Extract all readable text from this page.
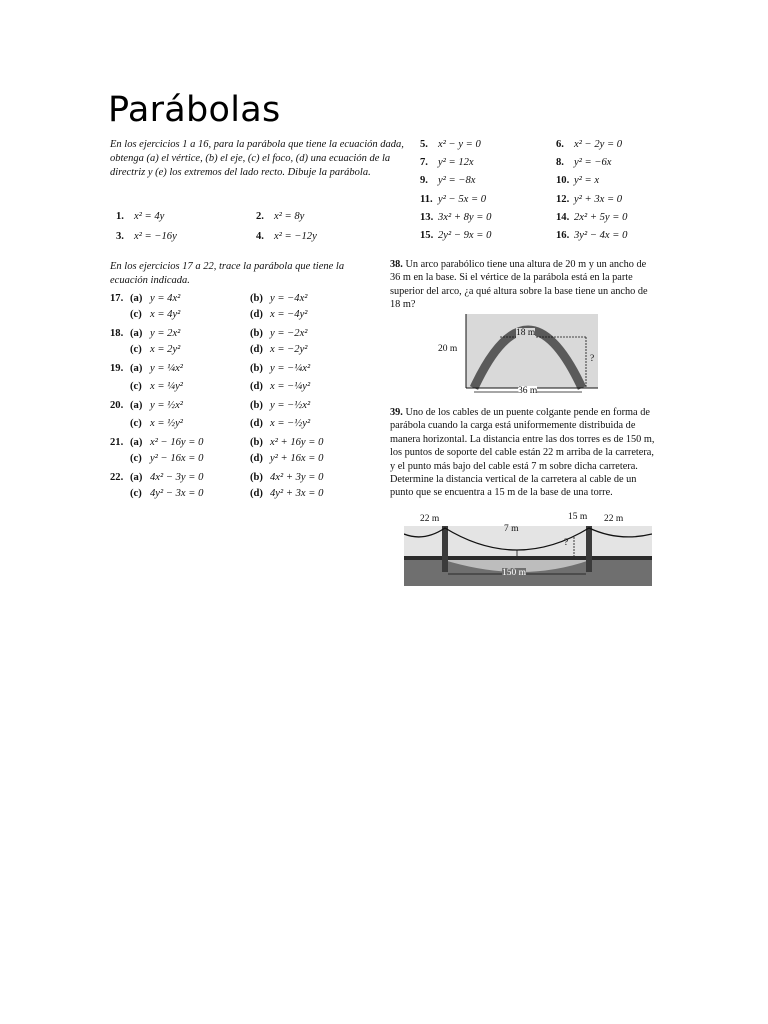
Parábolas
En los ejercicios 1 a 16, para la parábola que tiene la ecuación dada, obtenga (a) el vértice, (b) el eje, (c) el foco, (d) una ecuación de la directriz y (e) los extremos del lado recto. Dibuje la parábola.
1. x² = 4y	2. x² = 8y
3. x² = −16y	4. x² = −12y
En los ejercicios 17 a 22, trace la parábola que tiene la ecuación indicada.
17. (a) y = 4x²	(b) y = −4x²
(c) x = 4y²	(d) x = −4y²
18. (a) y = 2x²	(b) y = −2x²
(c) x = 2y²	(d) x = −2y²
19. (a) y = ¼x²	(b) y = −¼x²
(c) x = ¼y²	(d) x = −¼y²
20. (a) y = ½x²	(b) y = −½x²
(c) x = ½y²	(d) x = −½y²
21. (a) x² − 16y = 0	(b) x² + 16y = 0
(c) y² − 16x = 0	(d) y² + 16x = 0
22. (a) 4x² − 3y = 0	(b) 4x² + 3y = 0
(c) 4y² − 3x = 0	(d) 4y² + 3x = 0
5. x² − y = 0	6. x² − 2y = 0
7. y² = 12x	8. y² = −6x
9. y² = −8x	10. y² = x
11. y² − 5x = 0	12. y² + 3x = 0
13. 3x² + 8y = 0	14. 2x² + 5y = 0
15. 2y² − 9x = 0	16. 3y² − 4x = 0
38. Un arco parabólico tiene una altura de 20 m y un ancho de 36 m en la base. Si el vértice de la parábola está en la parte superior del arco, ¿a qué altura sobre la base tiene un ancho de 18 m?
20 m
18 m
?
36 m
39. Uno de los cables de un puente colgante pende en forma de parábola cuando la carga está uniformemente distribuida de manera horizontal. La distancia entre las dos torres es de 150 m, los puntos de soporte del cable están 22 m arriba de la carretera, y el punto más bajo del cable está 7 m sobre dicha carretera. Determine la distancia vertical de la carretera al cable de un punto que se encuentra a 15 m de la base de una torre.
22 m
7 m
15 m 22 m
?
150 m
